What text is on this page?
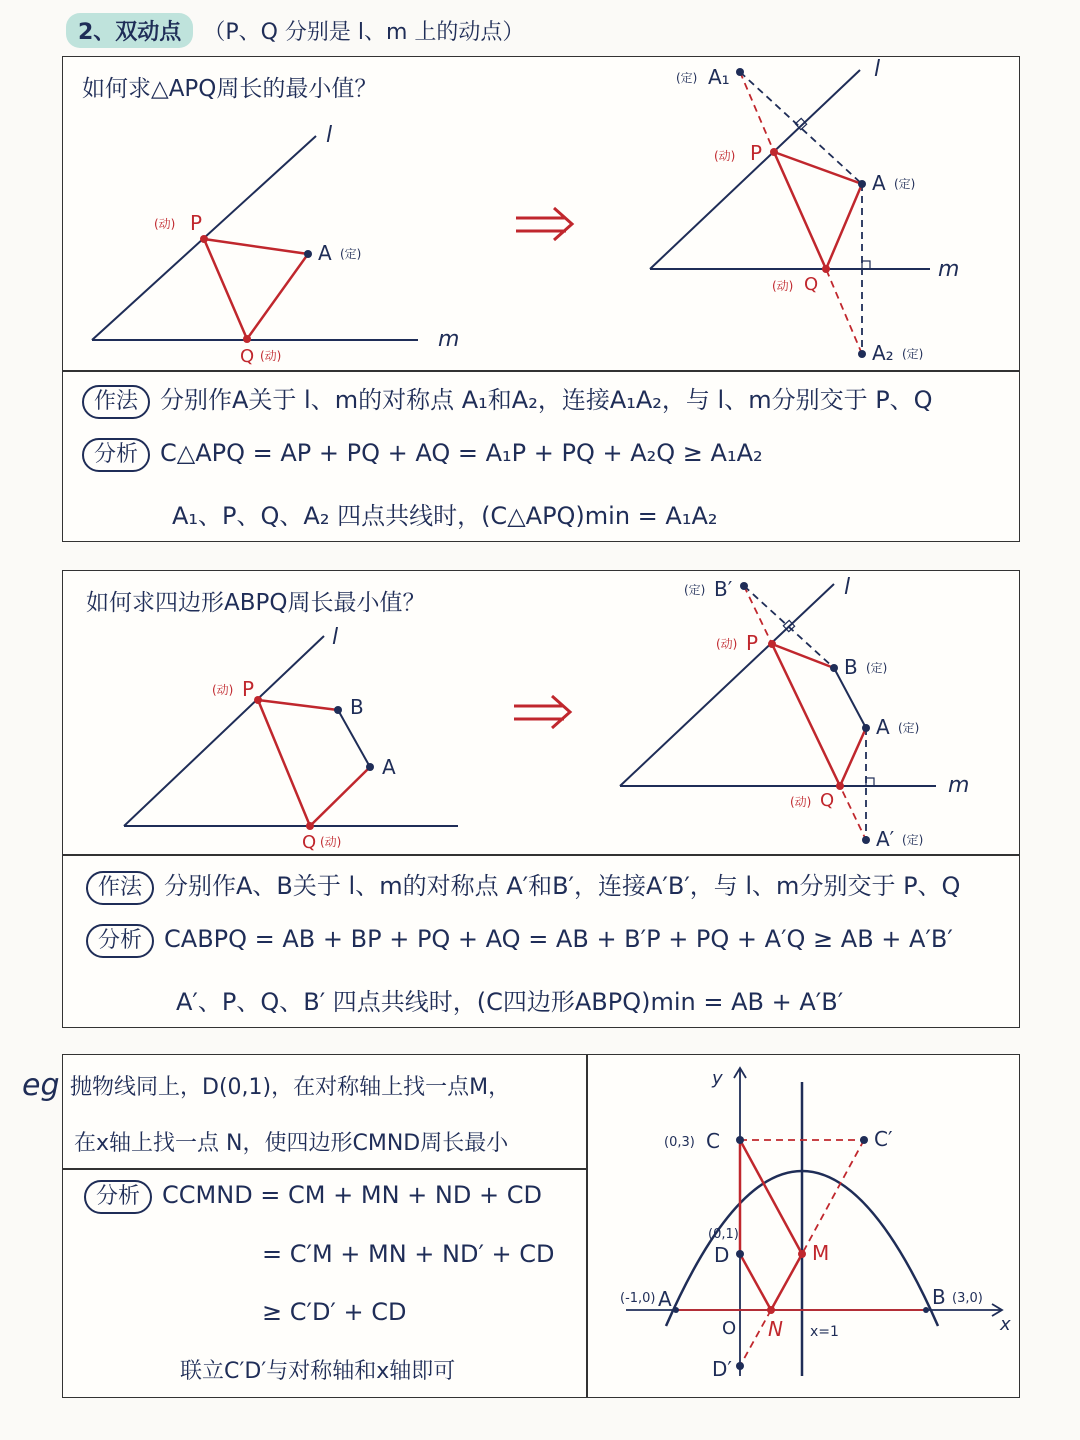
2、双动点	（P、Q 分别是 l、m 上的动点）
如何求△APQ周长的最小值？
l
m
(动) P
A (定)
Q (动)
l
m
(定) A₁
(动) P
A (定)
(动) Q
A₂ (定)
作法 分别作A关于 l、m的对称点 A₁和A₂，连接A₁A₂，与 l、m分别交于 P、Q
分析 C△APQ = AP + PQ + AQ = A₁P + PQ + A₂Q ≥ A₁A₂
A₁、P、Q、A₂ 四点共线时，(C△APQ)min = A₁A₂
如何求四边形ABPQ周长最小值？
l
(动) P
B
A
Q (动)
l
m
(定) B′
(动) P
B (定)
A (定)
(动) Q
A′ (定)
作法 分别作A、B关于 l、m的对称点 A′和B′，连接A′B′，与 l、m分别交于 P、Q
分析 CABPQ = AB + BP + PQ + AQ = AB + B′P + PQ + A′Q ≥ AB + A′B′
A′、P、Q、B′ 四点共线时，(C四边形ABPQ)min = AB + A′B′
eg 抛物线同上，D(0,1)，在对称轴上找一点M，
在x轴上找一点 N，使四边形CMND周长最小
分析 CCMND = CM + MN + ND + CD
= C′M + MN + ND′ + CD
≥ C′D′ + CD
联立C′D′与对称轴和x轴即可
y
x
O
(0,3) C	C′
(0,1)
D
D′
M
N
(-1,0) A	B (3,0)
x=1
